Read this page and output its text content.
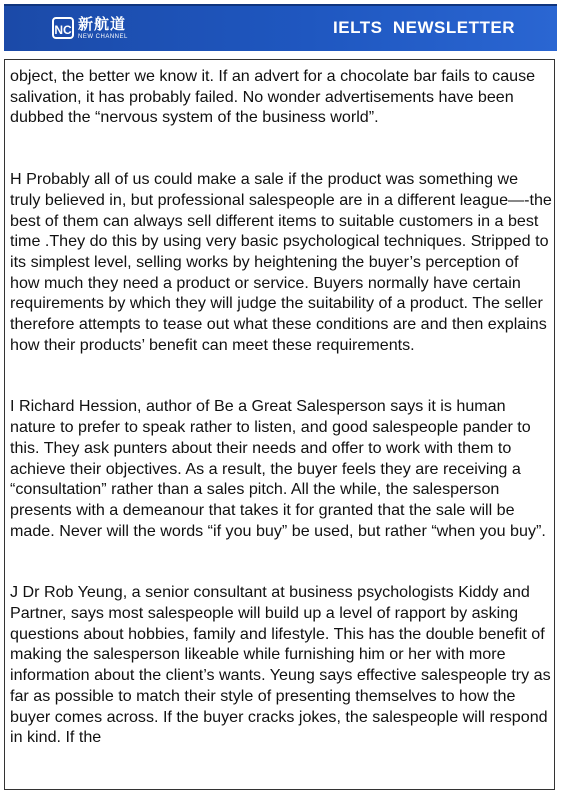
NC 新航道
NEW CHANNEL	IELTS  NEWSLETTER

object, the better we know it. If an advert for a chocolate bar fails to cause salivation, it has probably failed. No wonder advertisements have been dubbed the “nervous system of the business world”.

H Probably all of us could make a sale if the product was something we truly believed in, but professional salespeople are in a different league—-the best of them can always sell different items to suitable customers in a best time .They do this by using very basic psychological techniques. Stripped to its simplest level, selling works by heightening the buyer’s perception of how much they need a product or service. Buyers normally have certain requirements by which they will judge the suitability of a product. The seller therefore attempts to tease out what these conditions are and then explains how their products’ benefit can meet these requirements.

I Richard Hession, author of Be a Great Salesperson says it is human nature to prefer to speak rather to listen, and good salespeople pander to this. They ask punters about their needs and offer to work with them to achieve their objectives. As a result, the buyer feels they are receiving a “consultation” rather than a sales pitch. All the while, the salesperson presents with a demeanour that takes it for granted that the sale will be made. Never will the words “if you buy” be used, but rather “when you buy”.

J Dr Rob Yeung, a senior consultant at business psychologists Kiddy and Partner, says most salespeople will build up a level of rapport by asking questions about hobbies, family and lifestyle. This has the double benefit of making the salesperson likeable while furnishing him or her with more information about the client’s wants. Yeung says effective salespeople try as far as possible to match their style of presenting themselves to how the buyer comes across. If the buyer cracks jokes, the salespeople will respond in kind. If the
